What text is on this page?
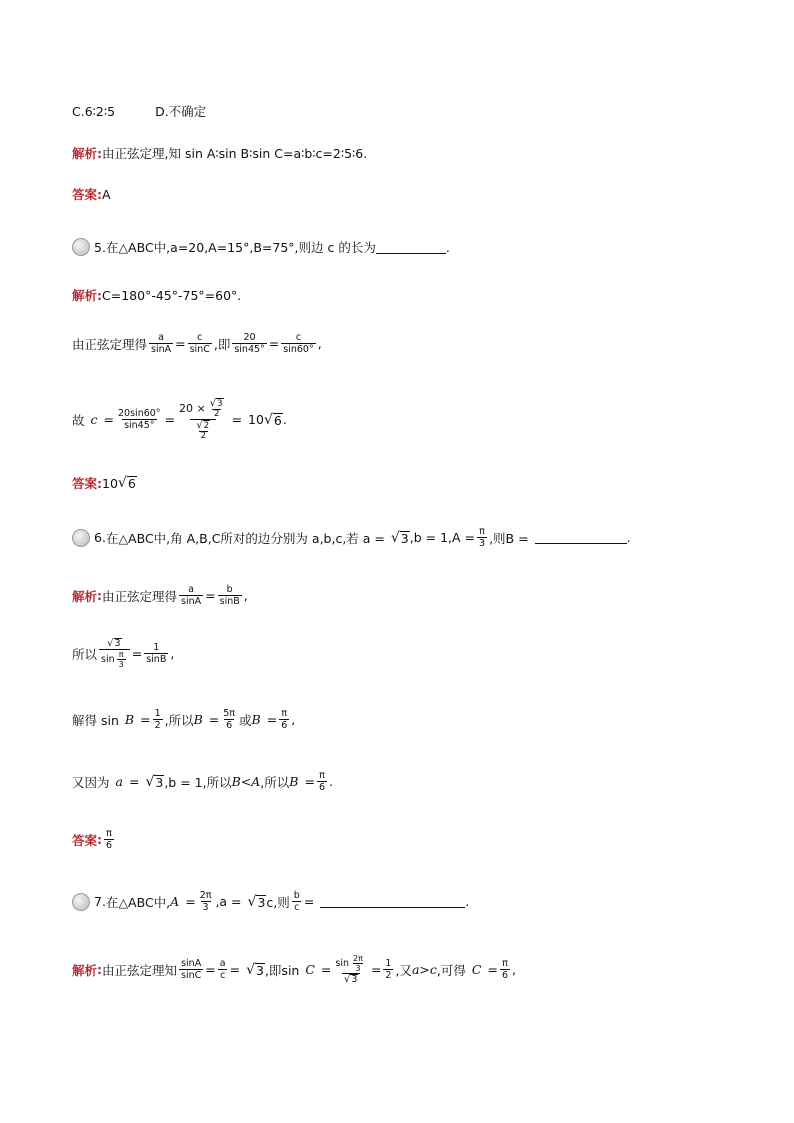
C.6∶2∶5	D.不确定
解析 : 由正弦定理,知 sin A∶sin B∶sin C=a∶b∶c=2∶5∶6.
答案 : A
5. 在△ABC中,a=20,A=15°,B=75°,则边 c 的长为	.
解析 : C=180°-45°-75°=60°.
由正弦定理得 $\frac{a}{\sin A} = \frac{c}{\sin C}$ ,即 $\frac{20}{\sin 45^\circ} = \frac{c}{\sin 60^\circ}$ ,
故 $c = \frac{20\sin 60^\circ}{\sin 45^\circ} = \frac{20 \times \frac{√ 3}{2}}{\frac{√ 2}{2}} = 10$ √ 6 .
答案 : 10 √ 6
6. 在△ABC中,角 A,B,C所对的边分别为 a,b,c,若 a = √ 3 $,b = 1,A = \frac{\pi}{3}$ ,则B =	.
解析 : 由正弦定理得 $\frac{a}{\sin A} = \frac{b}{\sin B}$ ,
所以 $\frac{√ 3}{\sin \frac{\pi}{3}} = \frac{1}{\sin B}$ ,
解得 $\sin B = \frac{1}{2}$ ,所以 $B = \frac{5\pi}{6}$ 或 $B = \frac{\pi}{6}$ ,
又因为 a = √ 3 ,b = 1,所以 B<A ,所以 $B = \frac{\pi}{6}$ .
答案 : $\frac{\pi}{6}$
7. 在△ABC中, $A = \frac{2\pi}{3} ,a$ = √ 3 c,则 $\frac{b}{c}$ =	.
解析 : 由正弦定理知 $\frac{\sin A}{\sin C} = \frac{a}{c}$ = √ 3 ,即$\sin C = \frac{\sin \frac{2\pi}{3}}{√ 3} = \frac{1}{2}$ ,又 a>c ,可得 $C = \frac{\pi}{6}$ ,
